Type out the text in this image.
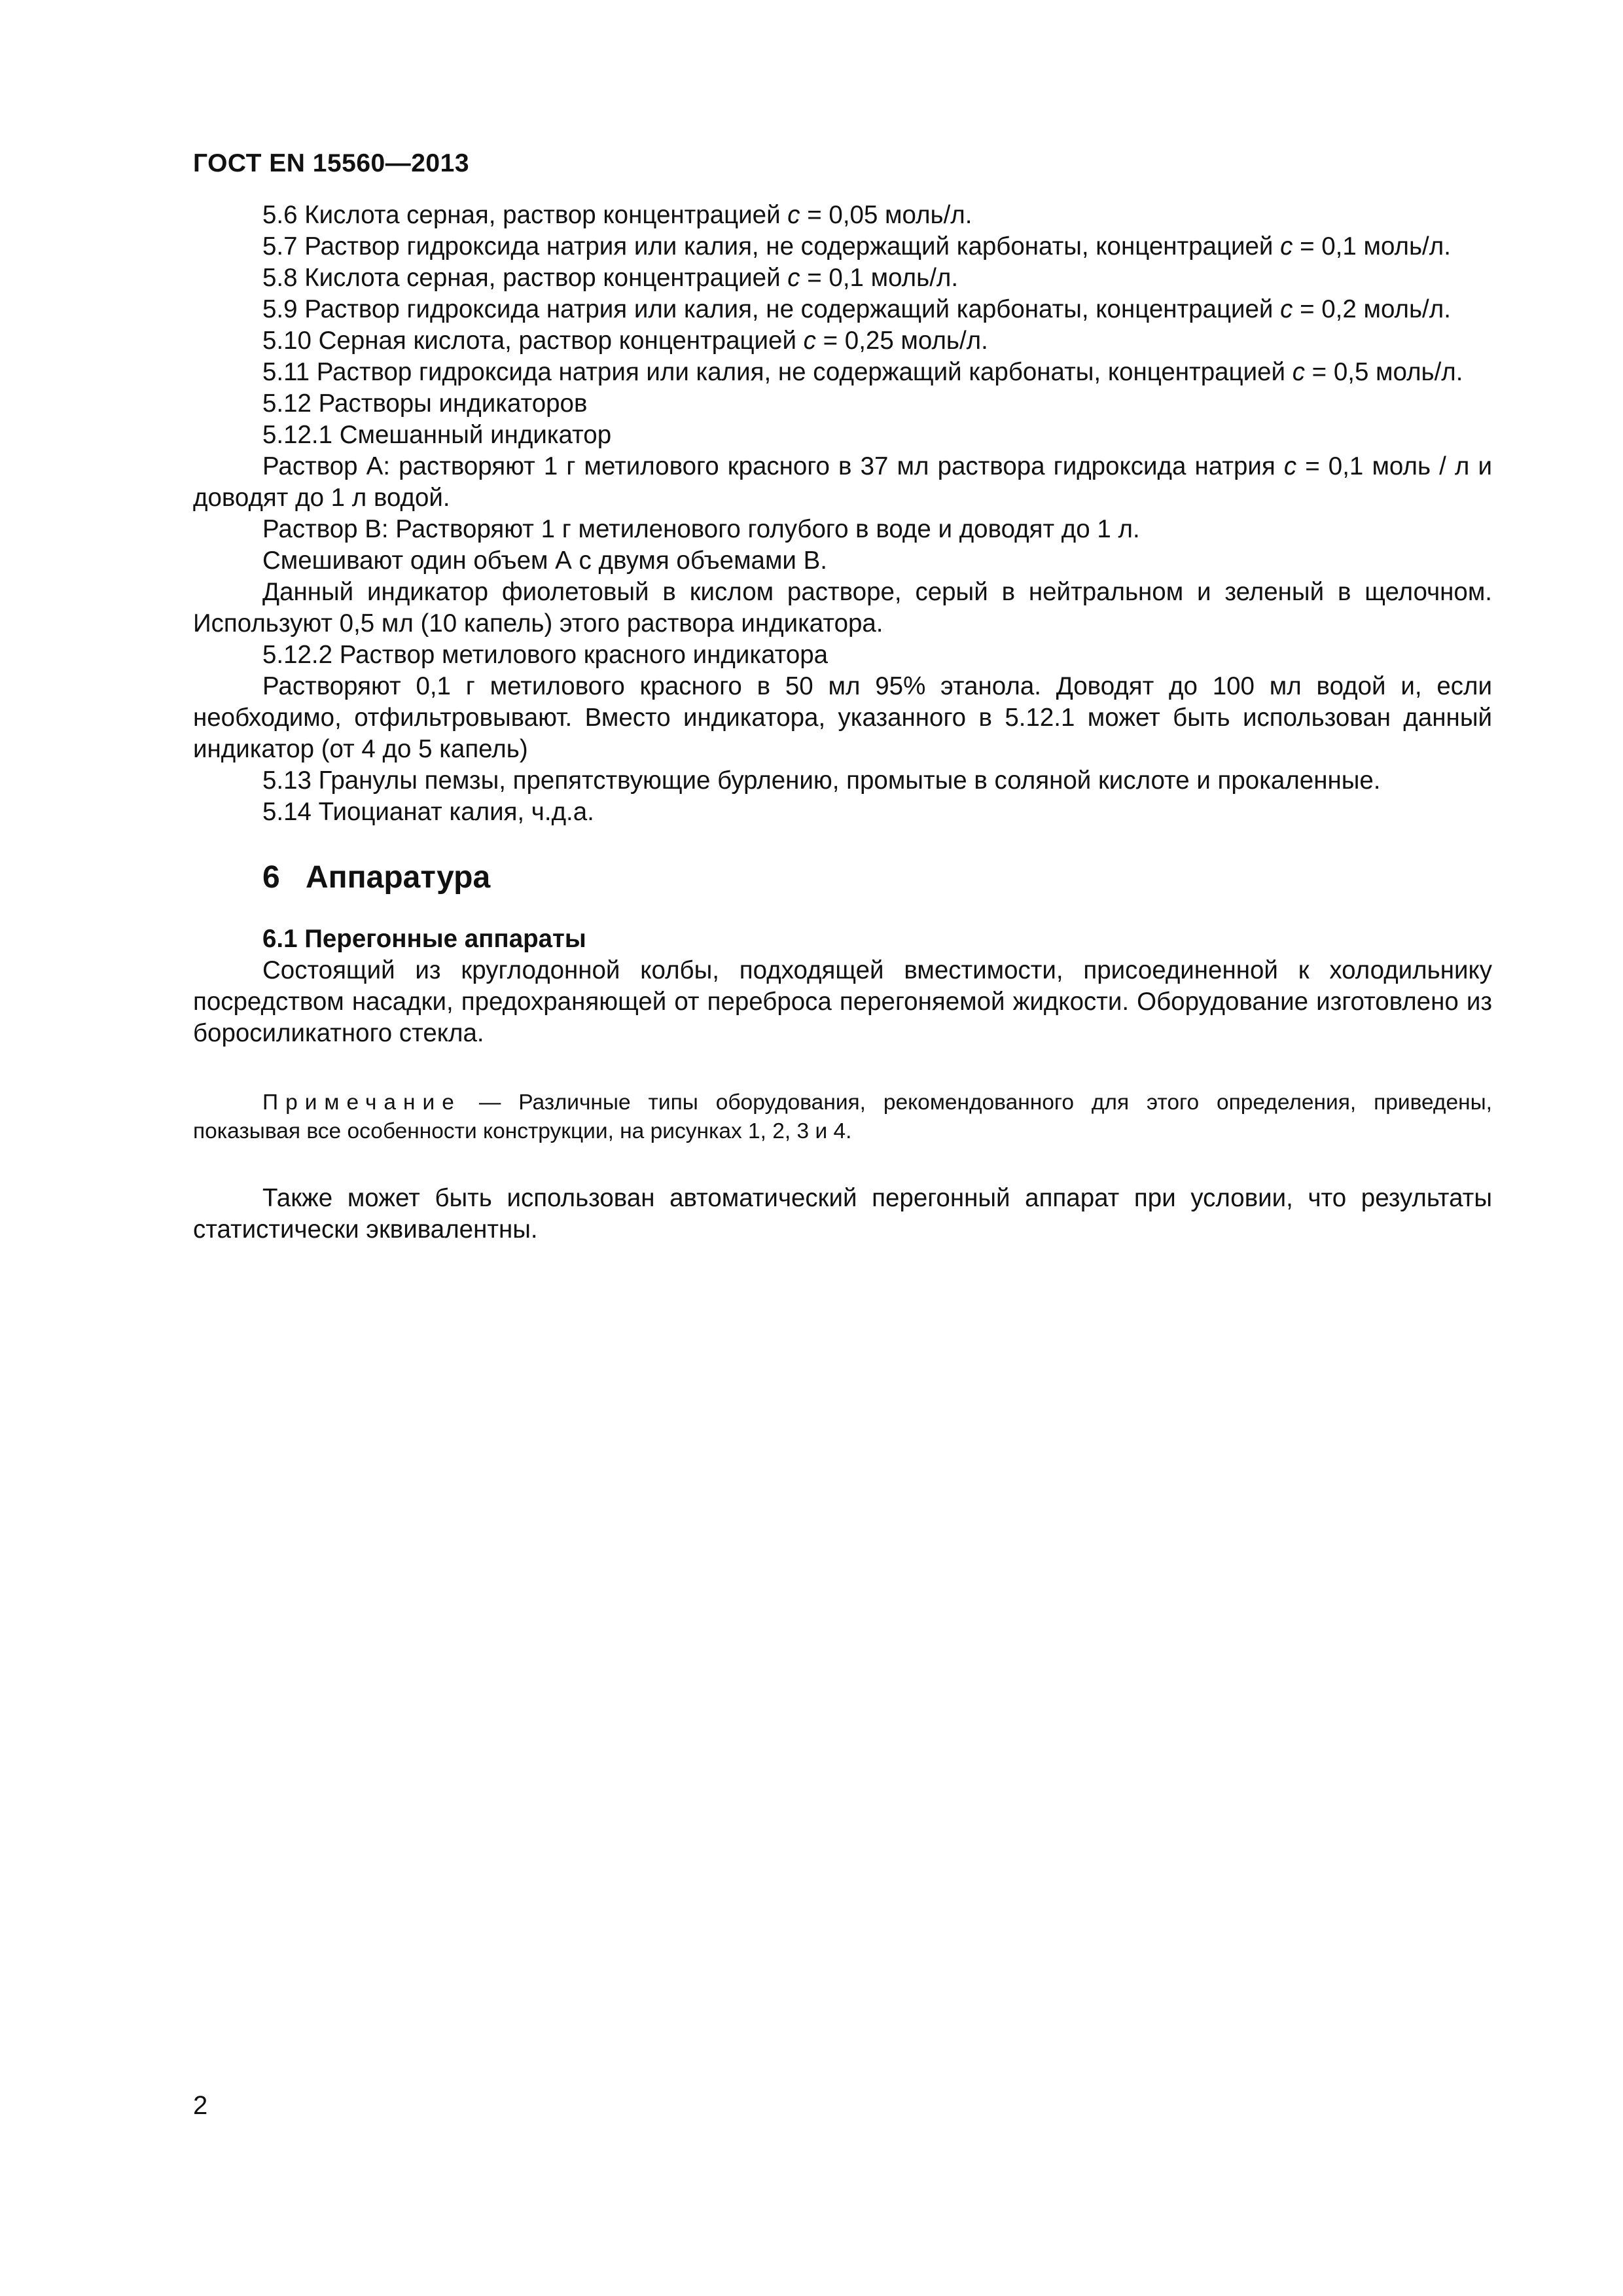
ГОСТ EN 15560—2013

5.6 Кислота серная, раствор концентрацией c = 0,05 моль/л.

5.7 Раствор гидроксида натрия или калия, не содержащий карбонаты, концентрацией c = 0,1 моль/л.

5.8 Кислота серная, раствор концентрацией c = 0,1 моль/л.

5.9 Раствор гидроксида натрия или калия, не содержащий карбонаты, концентрацией c = 0,2 моль/л.

5.10 Серная кислота, раствор концентрацией c = 0,25 моль/л.

5.11 Раствор гидроксида натрия или калия, не содержащий карбонаты, концентрацией c = 0,5 моль/л.

5.12 Растворы индикаторов

5.12.1 Смешанный индикатор

Раствор А: растворяют 1 г метилового красного в 37 мл раствора гидроксида натрия c = 0,1 моль / л и доводят до 1 л водой.

Раствор В: Растворяют 1 г метиленового голубого в воде и доводят до 1 л.

Смешивают один объем А с двумя объемами В.

Данный индикатор фиолетовый в кислом растворе, серый в нейтральном и зеленый в щелочном. Используют 0,5 мл (10 капель) этого раствора индикатора.

5.12.2 Раствор метилового красного индикатора

Растворяют 0,1 г метилового красного в 50 мл 95% этанола. Доводят до 100 мл водой и, если необходимо, отфильтровывают. Вместо индикатора, указанного в 5.12.1 может быть использован данный индикатор (от 4 до 5 капель)

5.13 Гранулы пемзы, препятствующие бурлению, промытые в соляной кислоте и прокаленные.

5.14 Тиоцианат калия, ч.д.а.

6 Аппаратура
6.1 Перегонные аппараты

Состоящий из круглодонной колбы, подходящей вместимости, присоединенной к холодильнику посредством насадки, предохраняющей от переброса перегоняемой жидкости. Оборудование изготовлено из боросиликатного стекла.

Примечание — Различные типы оборудования, рекомендованного для этого определения, приведены, показывая все особенности конструкции, на рисунках 1, 2, 3 и 4.

Также может быть использован автоматический перегонный аппарат при условии, что результаты статистически эквивалентны.

2
